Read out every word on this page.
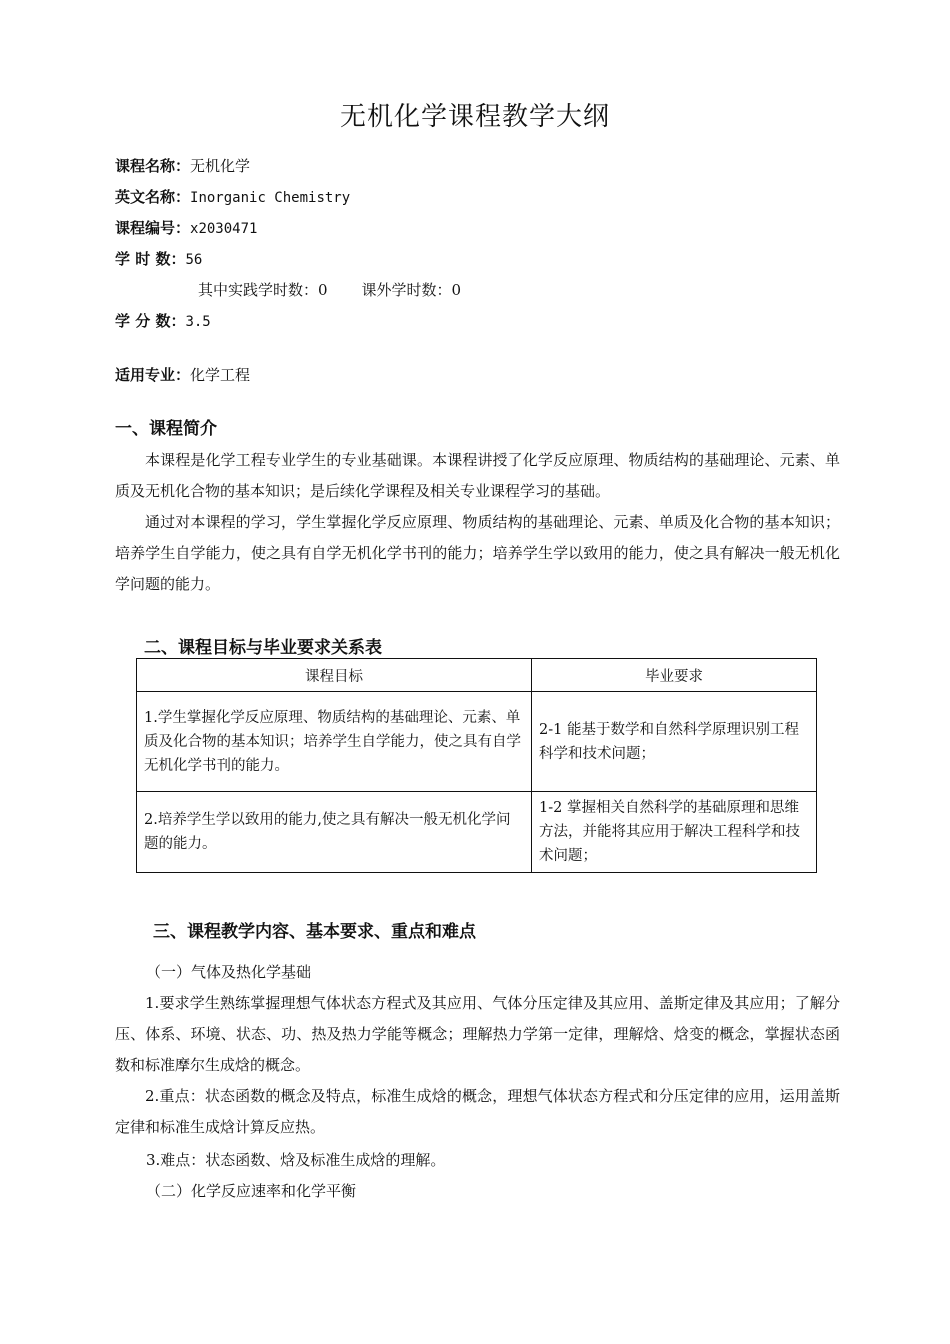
无机化学课程教学大纲
课程名称：无机化学
英文名称：Inorganic Chemistry
课程编号：x2030471
学 时 数：56
其中实践学时数：0 课外学时数：0
学 分 数：3.5
适用专业：化学工程
一、课程简介
本课程是化学工程专业学生的专业基础课。本课程讲授了化学反应原理、物质结构的基础理论、元素、单质及无机化合物的基本知识；是后续化学课程及相关专业课程学习的基础。
通过对本课程的学习，学生掌握化学反应原理、物质结构的基础理论、元素、单质及化合物的基本知识；培养学生自学能力，使之具有自学无机化学书刊的能力；培养学生学以致用的能力，使之具有解决一般无机化学问题的能力。
二、课程目标与毕业要求关系表
课程目标	毕业要求
1.学生掌握化学反应原理、物质结构的基础理论、元素、单质及化合物的基本知识；培养学生自学能力，使之具有自学无机化学书刊的能力。	2-1 能基于数学和自然科学原理识别工程科学和技术问题；
2.培养学生学以致用的能力,使之具有解决一般无机化学问题的能力。	1-2 掌握相关自然科学的基础原理和思维方法，并能将其应用于解决工程科学和技术问题；
三、课程教学内容、基本要求、重点和难点
（一）气体及热化学基础
1.要求学生熟练掌握理想气体状态方程式及其应用、气体分压定律及其应用、盖斯定律及其应用；了解分压、体系、环境、状态、功、热及热力学能等概念；理解热力学第一定律，理解焓、焓变的概念，掌握状态函数和标准摩尔生成焓的概念。
2.重点：状态函数的概念及特点，标准生成焓的概念，理想气体状态方程式和分压定律的应用，运用盖斯定律和标准生成焓计算反应热。
3.难点：状态函数、焓及标准生成焓的理解。
（二）化学反应速率和化学平衡
